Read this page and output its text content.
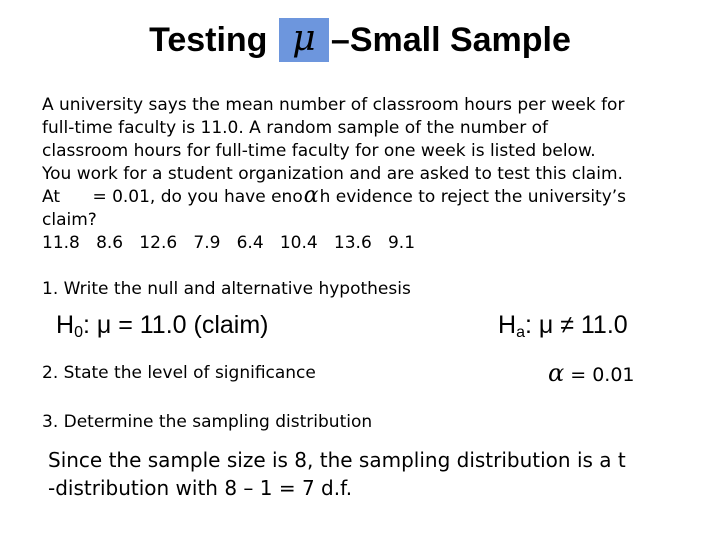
Testing μ –Small Sample
A university says the mean number of classroom hours per week for
full-time faculty is 11.0. A random sample of the number of
classroom hours for full-time faculty for one week is listed below.
You work for a student organization and are asked to test this claim.
At = 0.01, do you have enoαh evidence to reject the university’s
claim?
11.8   8.6   12.6   7.9   6.4   10.4   13.6   9.1
1. Write the null and alternative hypothesis
$H_0$: μ = 11.0 (claim)	$H_a$: μ ≠ 11.0
2. State the level of significance	α = 0.01
3. Determine the sampling distribution
Since the sample size is 8, the sampling distribution is a t
-distribution with 8 – 1 = 7 d.f.
